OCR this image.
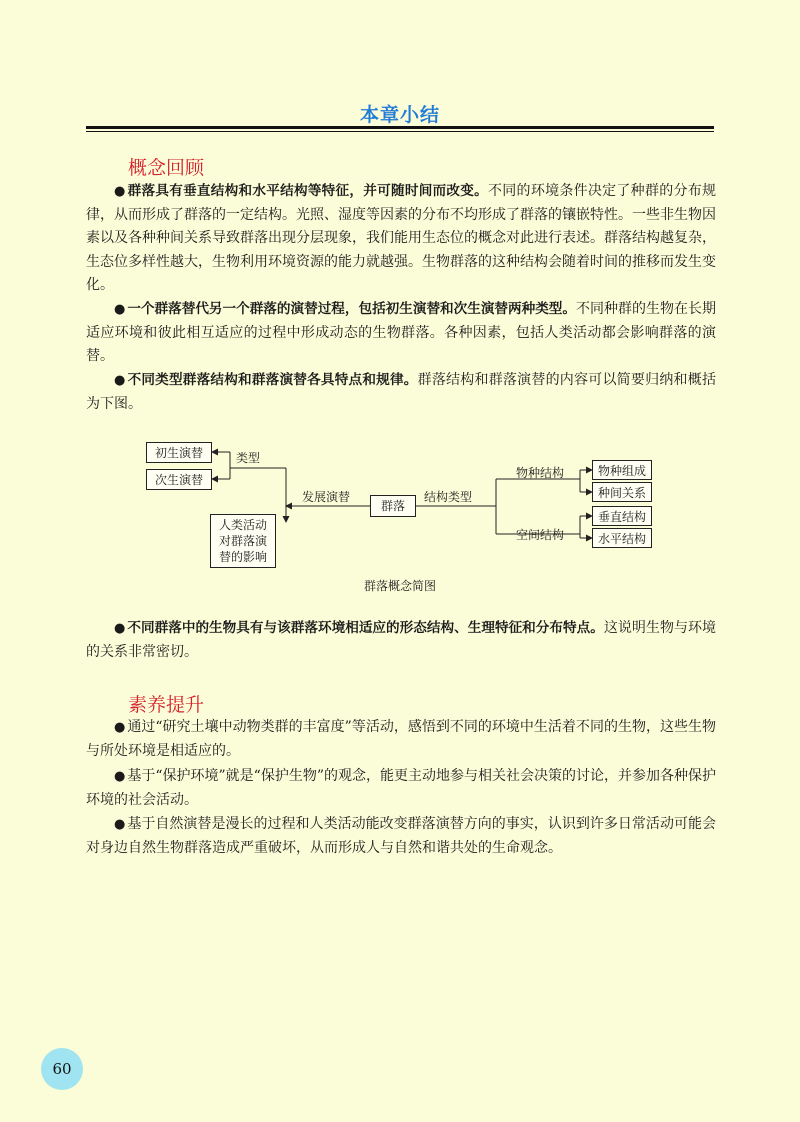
本章小结
概念回顾

● 群落具有垂直结构和水平结构等特征，并可随时间而改变。不同的环境条件决定了种群的分布规律，从而形成了群落的一定结构。光照、湿度等因素的分布不均形成了群落的镶嵌特性。一些非生物因素以及各种种间关系导致群落出现分层现象，我们能用生态位的概念对此进行表述。群落结构越复杂，生态位多样性越大，生物利用环境资源的能力就越强。生物群落的这种结构会随着时间的推移而发生变化。

● 一个群落替代另一个群落的演替过程，包括初生演替和次生演替两种类型。不同种群的生物在长期适应环境和彼此相互适应的过程中形成动态的生物群落。各种因素，包括人类活动都会影响群落的演替。

● 不同类型群落结构和群落演替各具特点和规律。群落结构和群落演替的内容可以简要归纳和概括为下图。

初生演替
次生演替
类型
人类活动
对群落演
替的影响
发展演替
群落
结构类型
物种结构
空间结构
物种组成
种间关系
垂直结构
水平结构
群落概念简图

● 不同群落中的生物具有与该群落环境相适应的形态结构、生理特征和分布特点。这说明生物与环境的关系非常密切。

素养提升

● 通过“研究土壤中动物类群的丰富度”等活动，感悟到不同的环境中生活着不同的生物，这些生物与所处环境是相适应的。

● 基于“保护环境”就是“保护生物”的观念，能更主动地参与相关社会决策的讨论，并参加各种保护环境的社会活动。

● 基于自然演替是漫长的过程和人类活动能改变群落演替方向的事实，认识到许多日常活动可能会对身边自然生物群落造成严重破坏，从而形成人与自然和谐共处的生命观念。

60
